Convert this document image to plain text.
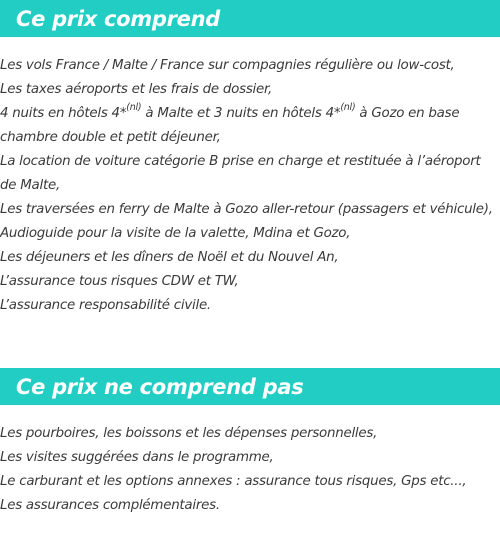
Ce prix comprend
Les vols France / Malte / France sur compagnies régulière ou low-cost,
Les taxes aéroports et les frais de dossier,
4 nuits en hôtels 4*$^{(nl)}$ à Malte et 3 nuits en hôtels 4*$^{(nl)}$ à Gozo en base chambre double et petit déjeuner,
La location de voiture catégorie B prise en charge et restituée à l’aéroport de Malte,
Les traversées en ferry de Malte à Gozo aller-retour (passagers et véhicule),
Audioguide pour la visite de la valette, Mdina et Gozo,
Les déjeuners et les dîners de Noël et du Nouvel An,
L’assurance tous risques CDW et TW,
L’assurance responsabilité civile.
Ce prix ne comprend pas
Les pourboires, les boissons et les dépenses personnelles,
Les visites suggérées dans le programme,
Le carburant et les options annexes : assurance tous risques, Gps etc...,
Les assurances complémentaires.
